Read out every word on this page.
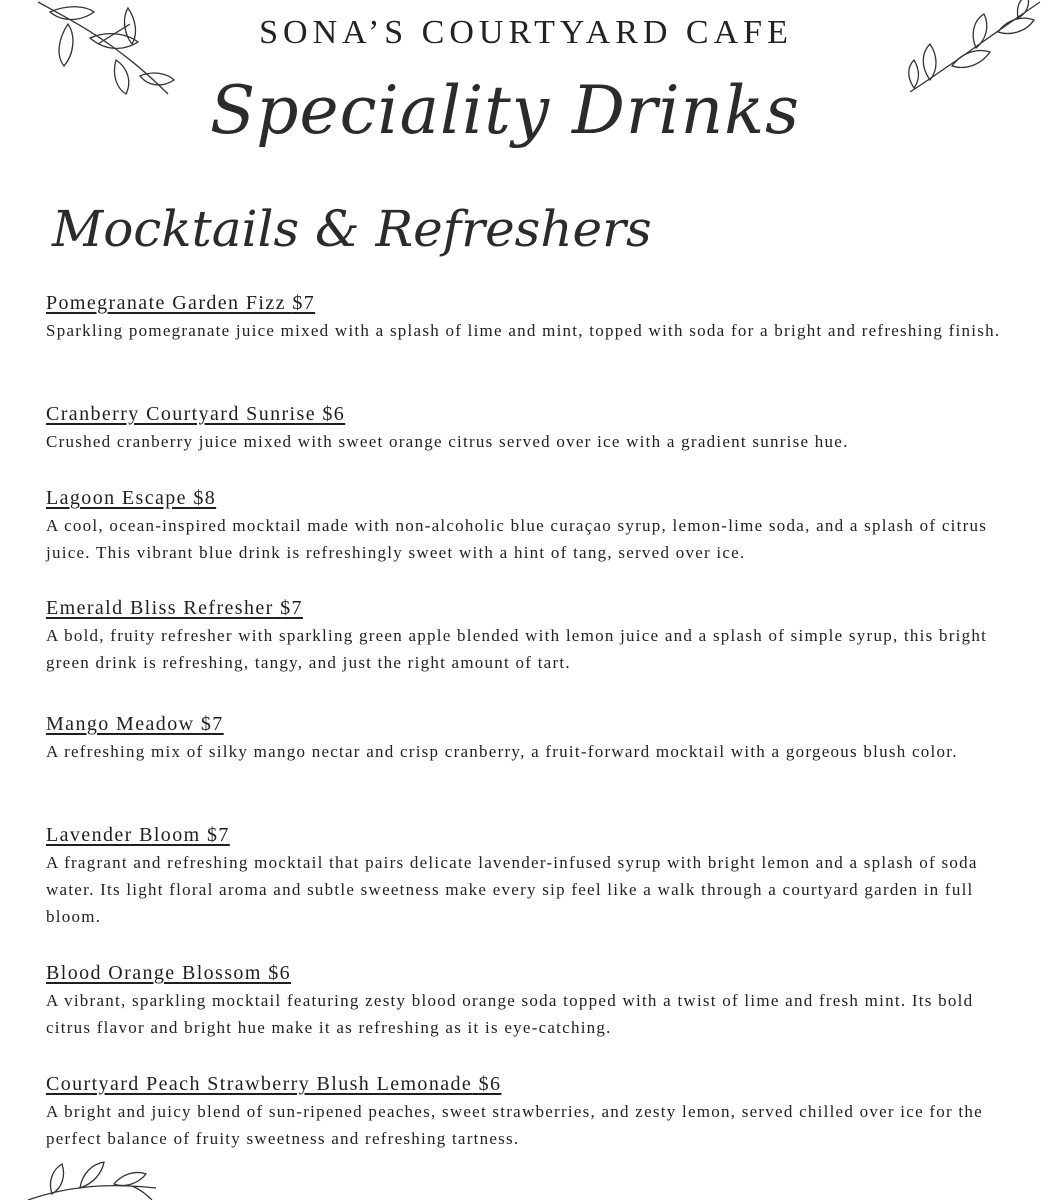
SONA’S COURTYARD CAFE
Speciality Drinks
Mocktails & Refreshers
Pomegranate Garden Fizz $7
Sparkling pomegranate juice mixed with a splash of lime and mint, topped with soda for a bright and refreshing finish.
Cranberry Courtyard Sunrise $6
Crushed cranberry juice mixed with sweet orange citrus served over ice with a gradient sunrise hue.
Lagoon Escape $8
A cool, ocean-inspired mocktail made with non-alcoholic blue curaçao syrup, lemon-lime soda, and a splash of citrus juice. This vibrant blue drink is refreshingly sweet with a hint of tang, served over ice.
Emerald Bliss Refresher $7
A bold, fruity refresher with sparkling green apple blended with lemon juice and a splash of simple syrup, this bright green drink is refreshing, tangy, and just the right amount of tart.
Mango Meadow $7
A refreshing mix of silky mango nectar and crisp cranberry, a fruit-forward mocktail with a gorgeous blush color.
Lavender Bloom $7
A fragrant and refreshing mocktail that pairs delicate lavender-infused syrup with bright lemon and a splash of soda water. Its light floral aroma and subtle sweetness make every sip feel like a walk through a courtyard garden in full bloom.
Blood Orange Blossom $6
A vibrant, sparkling mocktail featuring zesty blood orange soda topped with a twist of lime and fresh mint. Its bold citrus flavor and bright hue make it as refreshing as it is eye-catching.
Courtyard Peach Strawberry Blush Lemonade $6
A bright and juicy blend of sun-ripened peaches, sweet strawberries, and zesty lemon, served chilled over ice for the perfect balance of fruity sweetness and refreshing tartness.
